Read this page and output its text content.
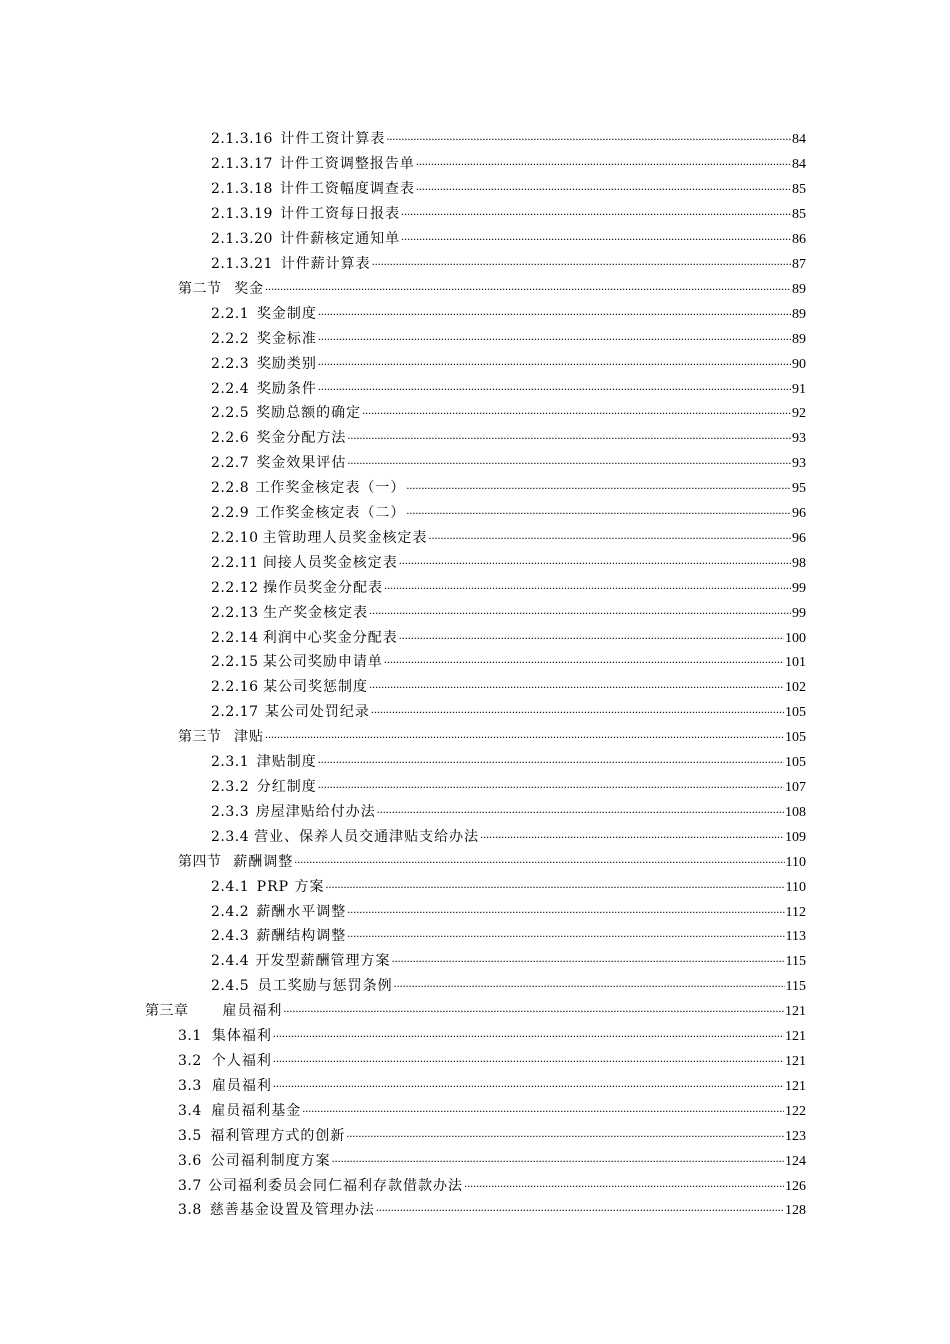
2.1.3.16 计件工资计算表 .....	84
2.1.3.17 计件工资调整报告单 .....	84
2.1.3.18 计件工资幅度调查表 .....	85
2.1.3.19 计件工资每日报表 .....	85
2.1.3.20 计件薪核定通知单 .....	86
2.1.3.21 计件薪计算表 .....	87
第二节 奖金 .....	89
2.2.1 奖金制度 .....	89
2.2.2 奖金标准 .....	89
2.2.3 奖励类别 .....	90
2.2.4 奖励条件 .....	91
2.2.5 奖励总额的确定 .....	92
2.2.6 奖金分配方法 .....	93
2.2.7 奖金效果评估 .....	93
2.2.8 工作奖金核定表（一） .....	95
2.2.9 工作奖金核定表（二） .....	96
2.2.10 主管助理人员奖金核定表 .....	96
2.2.11 间接人员奖金核定表 .....	98
2.2.12 操作员奖金分配表 .....	99
2.2.13 生产奖金核定表 .....	99
2.2.14 利润中心奖金分配表 .....	100
2.2.15 某公司奖励申请单 .....	101
2.2.16 某公司奖惩制度 .....	102
2.2.17 某公司处罚纪录 .....	105
第三节 津贴 .....	105
2.3.1 津贴制度 .....	105
2.3.2 分红制度 .....	107
2.3.3 房屋津贴给付办法 .....	108
2.3.4 营业、保养人员交通津贴支给办法 .....	109
第四节 薪酬调整 .....	110
2.4.1 PRP 方案 .....	110
2.4.2 薪酬水平调整 .....	112
2.4.3 薪酬结构调整 .....	113
2.4.4 开发型薪酬管理方案 .....	115
2.4.5 员工奖励与惩罚条例 .....	115
第三章 雇员福利 .....	121
3.1 集体福利 .....	121
3.2 个人福利 .....	121
3.3 雇员福利 .....	121
3.4 雇员福利基金 .....	122
3.5 福利管理方式的创新 .....	123
3.6 公司福利制度方案 .....	124
3.7 公司福利委员会同仁福利存款借款办法 .....	126
3.8 慈善基金设置及管理办法 .....	128
